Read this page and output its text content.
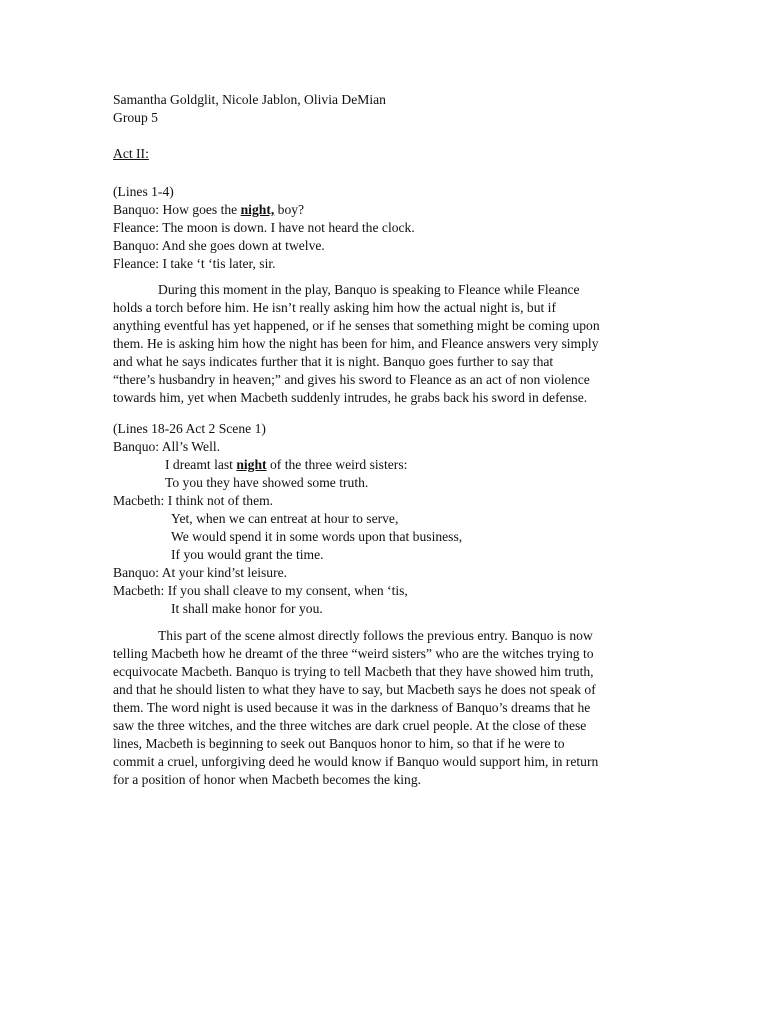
Samantha Goldglit, Nicole Jablon, Olivia DeMian
Group 5
Act II:
(Lines 1-4)
Banquo: How goes the night, boy?
Fleance: The moon is down. I have not heard the clock.
Banquo: And she goes down at twelve.
Fleance: I take ‘t ‘tis later, sir.
During this moment in the play, Banquo is speaking to Fleance while Fleance
holds a torch before him. He isn’t really asking him how the actual night is, but if
anything eventful has yet happened, or if he senses that something might be coming upon
them. He is asking him how the night has been for him, and Fleance answers very simply
and what he says indicates further that it is night. Banquo goes further to say that
“there’s husbandry in heaven;” and gives his sword to Fleance as an act of non violence
towards him, yet when Macbeth suddenly intrudes, he grabs back his sword in defense.
(Lines 18-26 Act 2 Scene 1)
Banquo: All’s Well.
I dreamt last night of the three weird sisters:
To you they have showed some truth.
Macbeth: I think not of them.
Yet, when we can entreat at hour to serve,
We would spend it in some words upon that business,
If you would grant the time.
Banquo: At your kind’st leisure.
Macbeth: If you shall cleave to my consent, when ‘tis,
It shall make honor for you.
This part of the scene almost directly follows the previous entry. Banquo is now
telling Macbeth how he dreamt of the three “weird sisters” who are the witches trying to
ecquivocate Macbeth. Banquo is trying to tell Macbeth that they have showed him truth,
and that he should listen to what they have to say, but Macbeth says he does not speak of
them. The word night is used because it was in the darkness of Banquo’s dreams that he
saw the three witches, and the three witches are dark cruel people. At the close of these
lines, Macbeth is beginning to seek out Banquos honor to him, so that if he were to
commit a cruel, unforgiving deed he would know if Banquo would support him, in return
for a position of honor when Macbeth becomes the king.
